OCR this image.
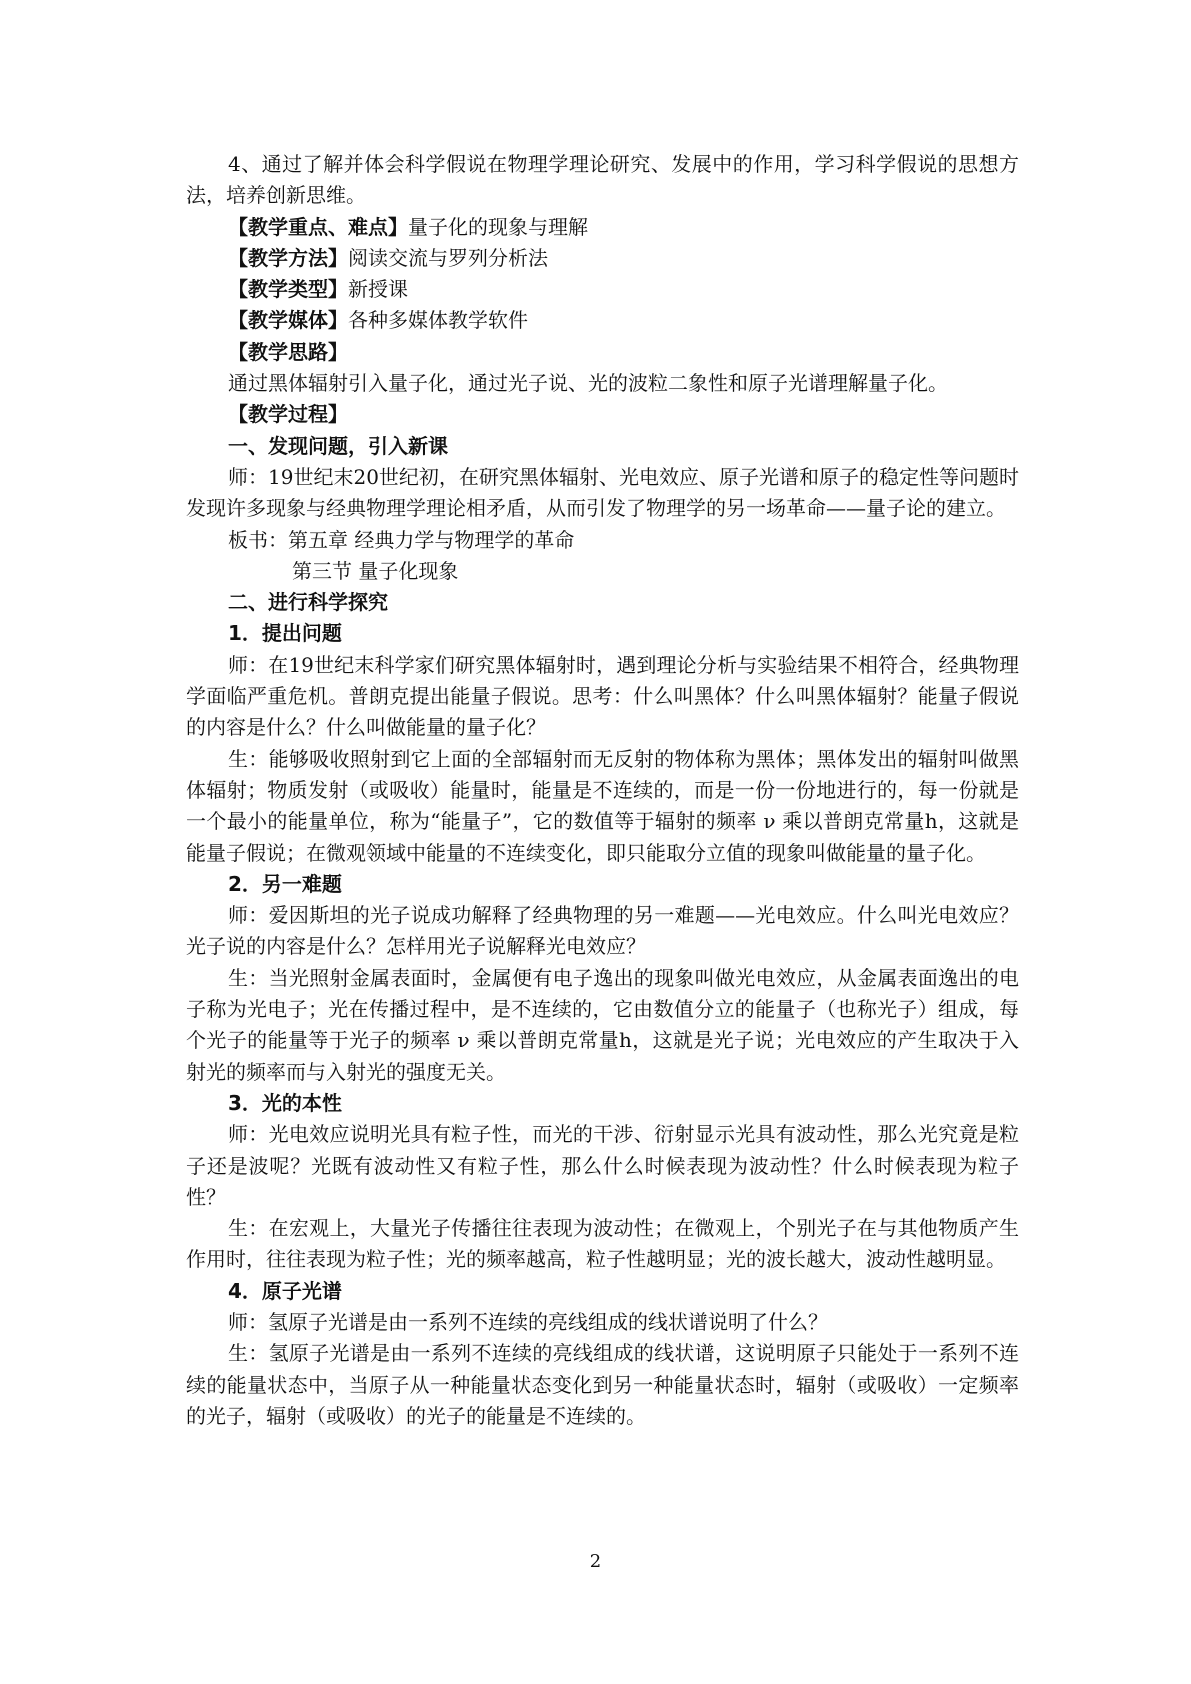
4、通过了解并体会科学假说在物理学理论研究、发展中的作用，学习科学假说的思想方法，培养创新思维。

【教学重点、难点】量子化的现象与理解

【教学方法】阅读交流与罗列分析法

【教学类型】新授课

【教学媒体】各种多媒体教学软件

【教学思路】

通过黑体辐射引入量子化，通过光子说、光的波粒二象性和原子光谱理解量子化。

【教学过程】

一、发现问题，引入新课

师：19世纪末20世纪初，在研究黑体辐射、光电效应、原子光谱和原子的稳定性等问题时发现许多现象与经典物理学理论相矛盾，从而引发了物理学的另一场革命——量子论的建立。

板书：第五章 经典力学与物理学的革命

第三节 量子化现象

二、进行科学探究

1．提出问题

师：在19世纪末科学家们研究黑体辐射时，遇到理论分析与实验结果不相符合，经典物理学面临严重危机。普朗克提出能量子假说。思考：什么叫黑体？什么叫黑体辐射？能量子假说的内容是什么？什么叫做能量的量子化？

生：能够吸收照射到它上面的全部辐射而无反射的物体称为黑体；黑体发出的辐射叫做黑体辐射；物质发射（或吸收）能量时，能量是不连续的，而是一份一份地进行的，每一份就是一个最小的能量单位，称为“能量子”，它的数值等于辐射的频率 ν 乘以普朗克常量h，这就是能量子假说；在微观领域中能量的不连续变化，即只能取分立值的现象叫做能量的量子化。

2．另一难题

师：爱因斯坦的光子说成功解释了经典物理的另一难题——光电效应。什么叫光电效应？光子说的内容是什么？怎样用光子说解释光电效应？

生：当光照射金属表面时，金属便有电子逸出的现象叫做光电效应，从金属表面逸出的电子称为光电子；光在传播过程中，是不连续的，它由数值分立的能量子（也称光子）组成，每个光子的能量等于光子的频率 ν 乘以普朗克常量h，这就是光子说；光电效应的产生取决于入射光的频率而与入射光的强度无关。

3．光的本性

师：光电效应说明光具有粒子性，而光的干涉、衍射显示光具有波动性，那么光究竟是粒子还是波呢？光既有波动性又有粒子性，那么什么时候表现为波动性？什么时候表现为粒子性？

生：在宏观上，大量光子传播往往表现为波动性；在微观上，个别光子在与其他物质产生作用时，往往表现为粒子性；光的频率越高，粒子性越明显；光的波长越大，波动性越明显。

4．原子光谱

师：氢原子光谱是由一系列不连续的亮线组成的线状谱说明了什么？

生：氢原子光谱是由一系列不连续的亮线组成的线状谱，这说明原子只能处于一系列不连续的能量状态中，当原子从一种能量状态变化到另一种能量状态时，辐射（或吸收）一定频率的光子，辐射（或吸收）的光子的能量是不连续的。

2
